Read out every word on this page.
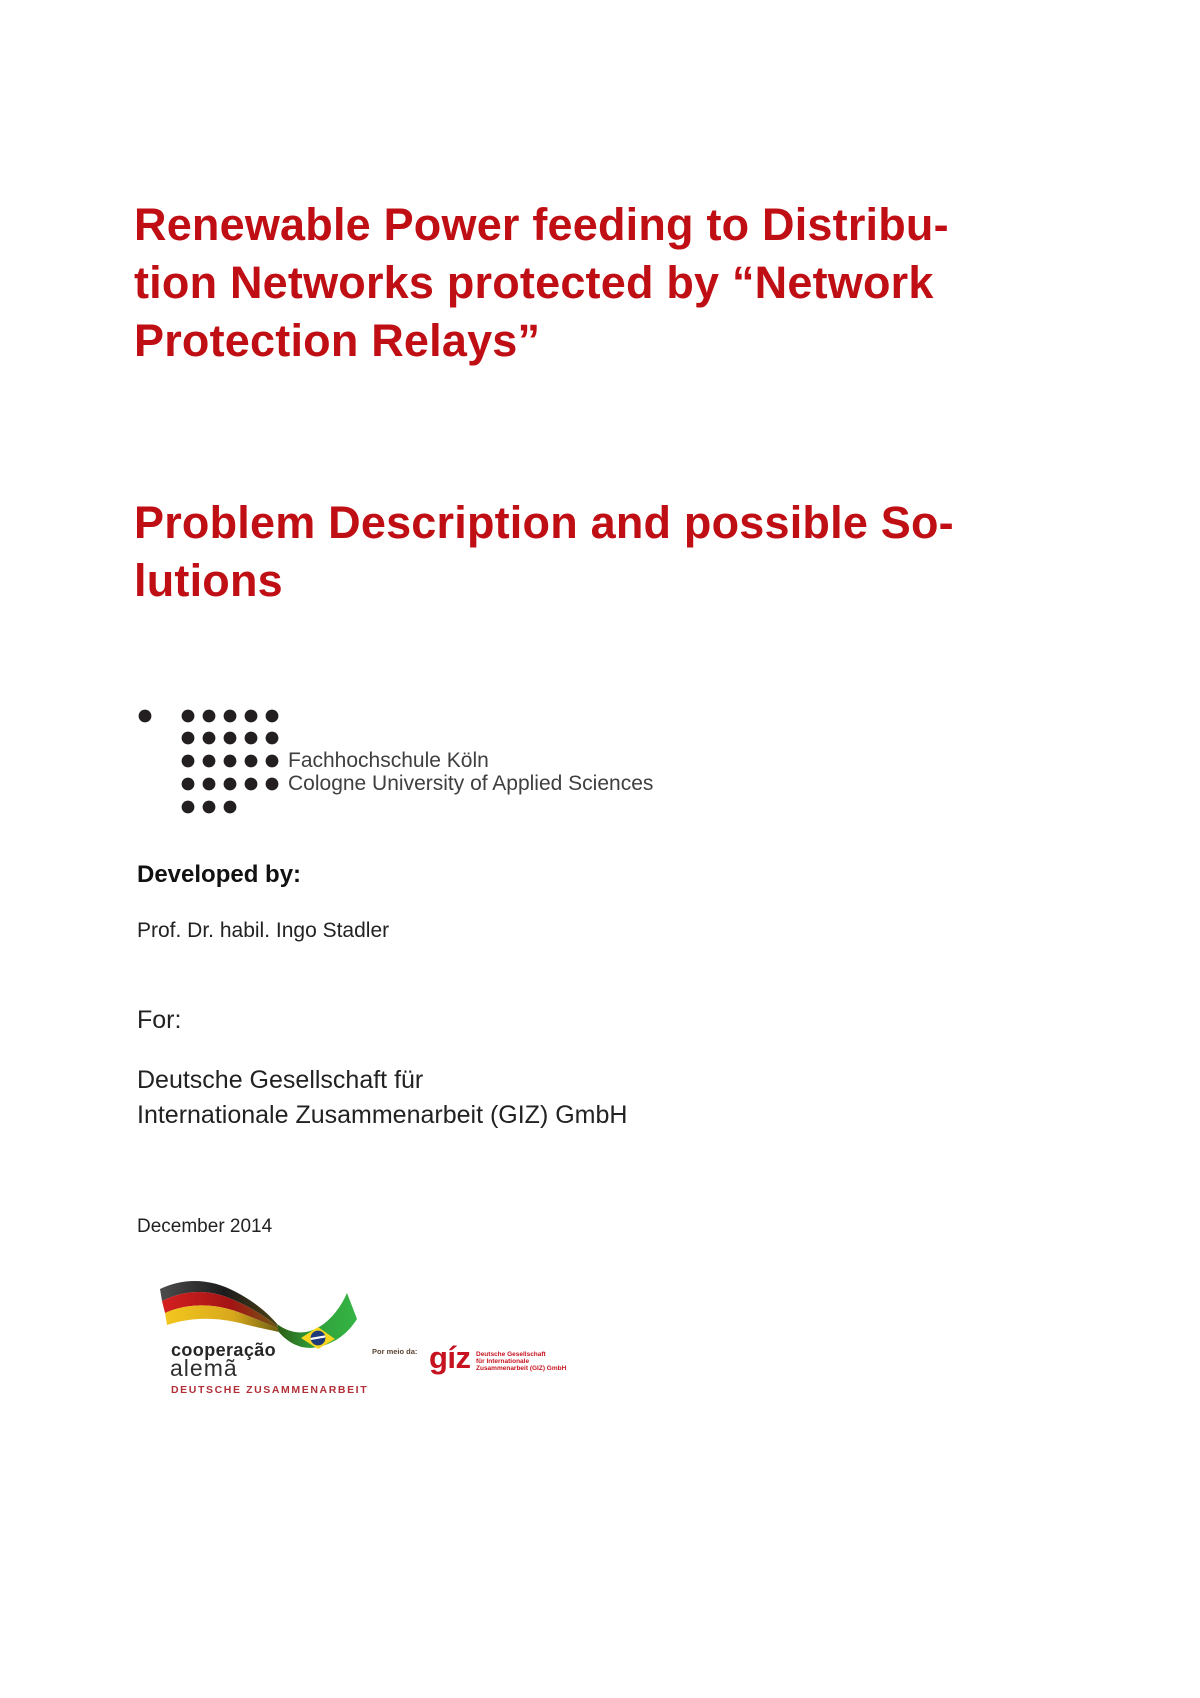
Renewable Power feeding to Distribu-
tion Networks protected by “Network
Protection Relays”
Problem Description and possible So-
lutions
Fachhochschule Köln
Cologne University of Applied Sciences
Developed by:
Prof. Dr. habil. Ingo Stadler
For:
Deutsche Gesellschaft für
Internationale Zusammenarbeit (GIZ) GmbH
December 2014
cooperação
alemã
DEUTSCHE ZUSAMMENARBEIT
Por meio da: gíz Deutsche Gesellschaft
für Internationale
Zusammenarbeit (GIZ) GmbH
